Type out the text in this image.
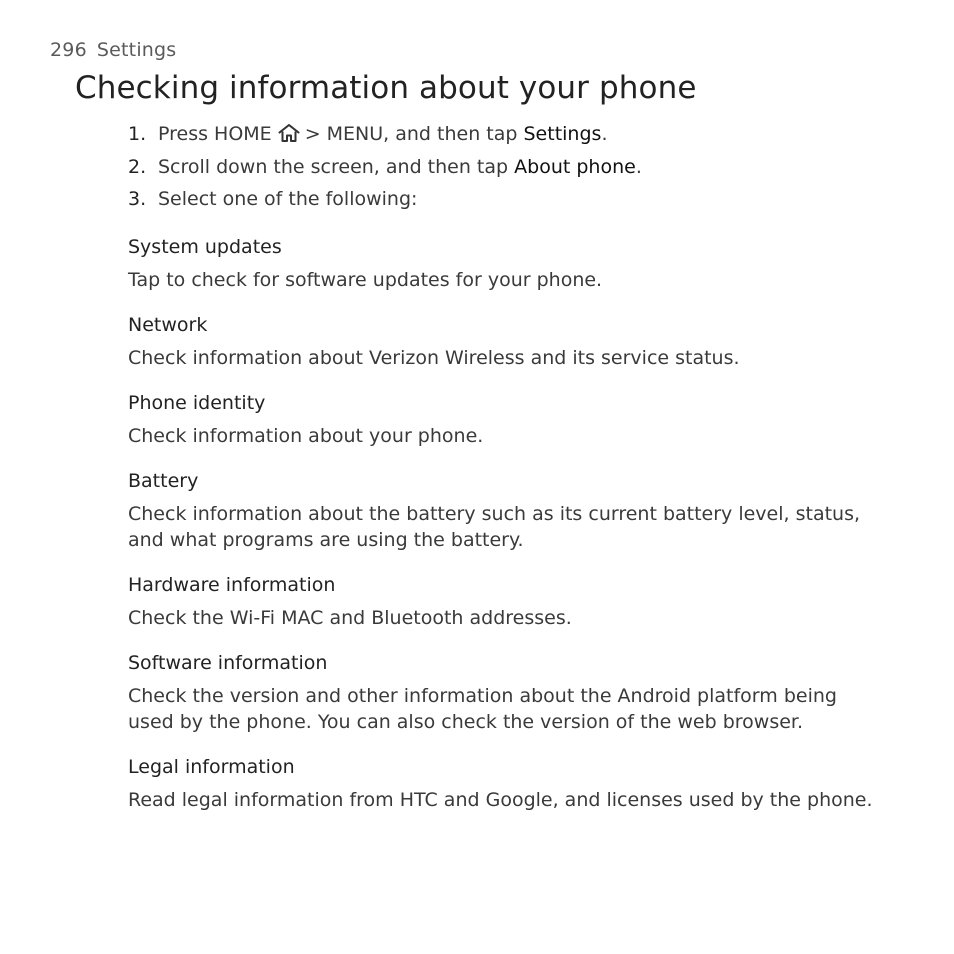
296 Settings
Checking information about your phone
1. Press HOME > MENU, and then tap Settings.
2. Scroll down the screen, and then tap About phone.
3. Select one of the following:
System updates

Tap to check for software updates for your phone.

Network

Check information about Verizon Wireless and its service status.

Phone identity

Check information about your phone.

Battery

Check information about the battery such as its current battery level, status, and what programs are using the battery.

Hardware information

Check the Wi-Fi MAC and Bluetooth addresses.

Software information

Check the version and other information about the Android platform being used by the phone. You can also check the version of the web browser.

Legal information

Read legal information from HTC and Google, and licenses used by the phone.
